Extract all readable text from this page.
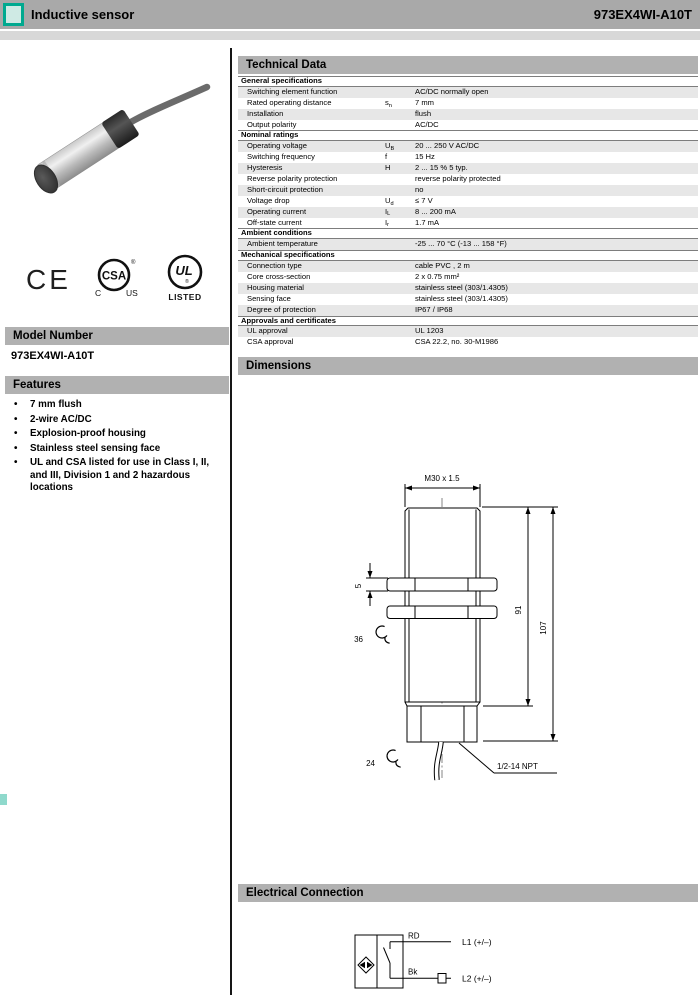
Inductive sensor	973EX4WI-A10T
CE	CSA
®
C	US
UL
®
LISTED
Model Number
973EX4WI-A10T
Features
• 7 mm flush
• 2-wire AC/DC
• Explosion-proof housing
• Stainless steel sensing face
• UL and CSA listed for use in Class I, II, and III, Division 1 and 2 hazardous locations
Technical Data
General specifications
Switching element function	AC/DC normally open
Rated operating distance	$s_n$	7 mm
Installation	flush
Output polarity	AC/DC
Nominal ratings
Operating voltage	$U_B$	20 ... 250 V AC/DC
Switching frequency	f	15 Hz
Hysteresis	H	2 ... 15 % 5 typ.
Reverse polarity protection	reverse polarity protected
Short-circuit protection	no
Voltage drop	$U_d$	≤ 7 V
Operating current	$I_L$	8 ... 200 mA
Off-state current	$I_r$	1.7 mA
Ambient conditions
Ambient temperature	-25 ... 70 °C (-13 ... 158 °F)
Mechanical specifications
Connection type	cable PVC , 2 m
Core cross-section	2 x 0.75 mm²
Housing material	stainless steel (303/1.4305)
Sensing face	stainless steel (303/1.4305)
Degree of protection	IP67 / IP68
Approvals and certificates
UL approval	UL 1203
CSA approval	CSA 22.2, no. 30-M1986
Dimensions
M30 x 1.5
5
36
24
91
107
1/2-14 NPT
Electrical Connection
RD
Bk
L1 (+/–)
L2 (+/–)
